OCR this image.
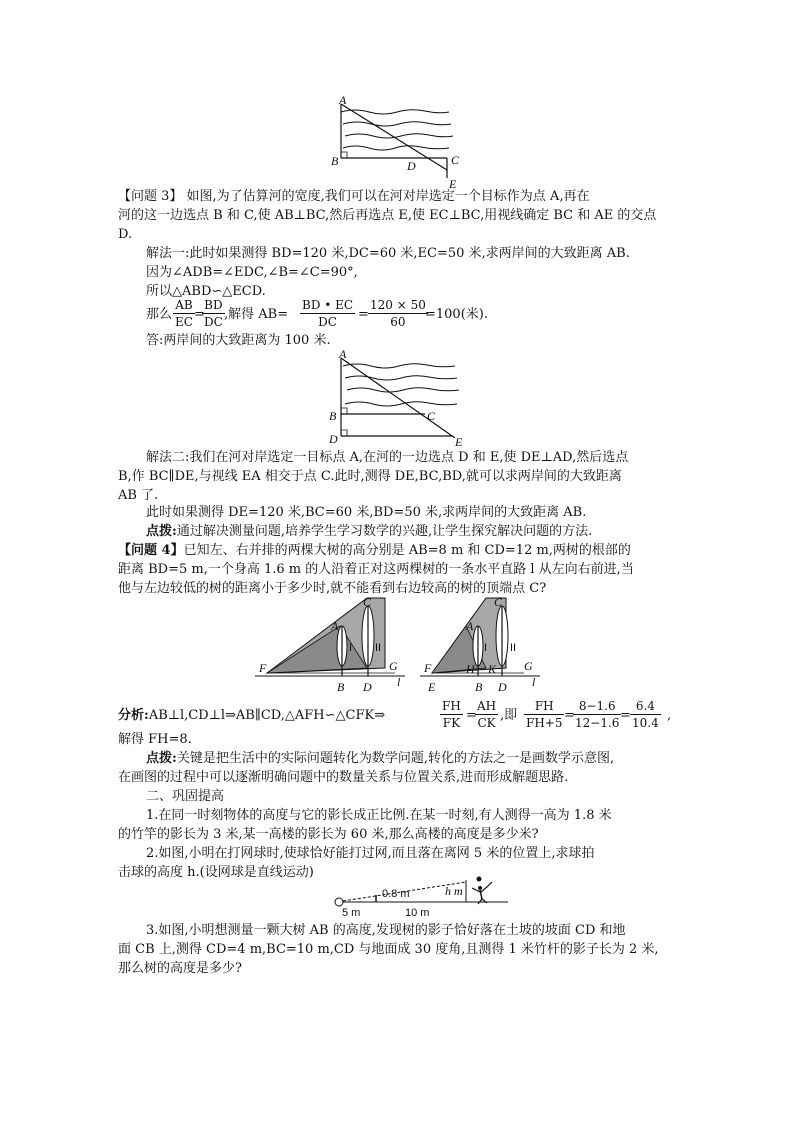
A
B	C
D
E
【问题 3】 如图,为了估算河的宽度,我们可以在河对岸选定一个目标作为点 A,再在
河的这一边选点 B 和 C,使 AB⊥BC,然后再选点 E,使 EC⊥BC,用视线确定 BC 和 AE 的交点
D.
解法一:此时如果测得 BD=120 米,DC=60 米,EC=50 米,求两岸间的大致距离 AB.
因为∠ADB=∠EDC,∠B=∠C=90°,
所以△ABD∽△ECD.
那么 $\frac{AB}{EC}$ =
$\frac{BD}{DC}$ ,解得 $AB= \frac{BD • EC}{DC} = \frac{120 \times 50}{60}$
=100(米).
答:两岸间的大致距离为 100 米.
A
B	C
D	E
解法二:我们在河对岸选定一目标点 A,在河的一边选点 D 和 E,使 DE⊥AD,然后选点
B,作 BC∥DE,与视线 EA 相交于点 C.此时,测得 DE,BC,BD,就可以求两岸间的大致距离
AB 了.
此时如果测得 DE=120 米,BC=60 米,BD=50 米,求两岸间的大致距离 AB.
点拨:通过解决测量问题,培养学生学习数学的兴趣,让学生探究解决问题的方法.
【问题 4】已知左、右并排的两棵大树的高分别是 AB=8 m 和 CD=12 m,两树的根部的
距离 BD=5 m,一个身高 1.6 m 的人沿着正对这两棵树的一条水平直路 l 从左向右前进,当
他与左边较低的树的距离小于多少时,就不能看到右边较高的树的顶端点 C?
C
A
I II
F	G
B D l
C
A
I II
F	G
H K
E	B D l
分析:AB⊥l,CD⊥l⇒AB∥CD,△AFH∽△CFK⇒	$\frac{FH}{FK}$ =
$\frac{AH}{CK}$ ,即 $\frac{FH}{FH+5}$ =
$\frac{8-1.6}{12-1.6}$
= $\frac{6.4}{10.4}$ ,
解得 FH=8.
点拨:关键是把生活中的实际问题转化为数学问题,转化的方法之一是画数学示意图,
在画图的过程中可以逐渐明确问题中的数量关系与位置关系,进而形成解题思路.
二、巩固提高
1.在同一时刻物体的高度与它的影长成正比例.在某一时刻,有人测得一高为 1.8 米
的竹竿的影长为 3 米,某一高楼的影长为 60 米,那么高楼的高度是多少米?
2.如图,小明在打网球时,使球恰好能打过网,而且落在离网 5 米的位置上,求球拍
击球的高度 h.(设网球是直线运动)
0.8 m	h m
5 m	10 m
3.如图,小明想测量一颗大树 AB 的高度,发现树的影子恰好落在土坡的坡面 CD 和地
面 CB 上,测得 CD=4 m,BC=10 m,CD 与地面成 30 度角,且测得 1 米竹杆的影子长为 2 米,
那么树的高度是多少?
